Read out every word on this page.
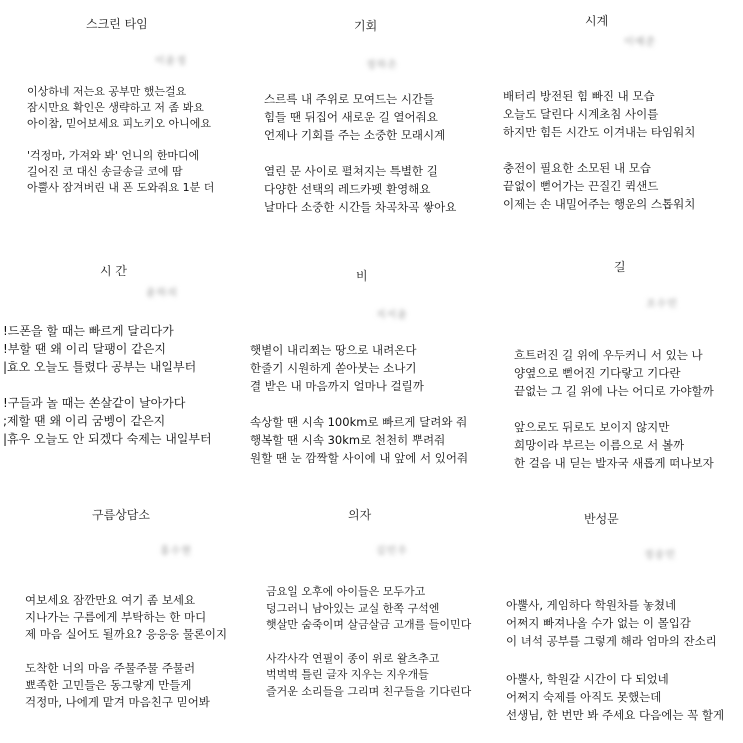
스크린 타임
이윤정
이상하네 저는요 공부만 했는걸요
잠시만요 확인은 생략하고 저 좀 봐요
아이참, 믿어보세요 피노키오 아니에요
'걱정마, 가져와 봐' 언니의 한마디에
길어진 코 대신 송글송글 코에 땀
아뿔사 잠겨버린 내 폰 도와줘요 1분 더
기회
정하은
스르륵 내 주위로 모여드는 시간들
힘들 땐 뒤집어 새로운 길 열어줘요
언제나 기회를 주는 소중한 모래시계
열린 문 사이로 펼쳐지는 특별한 길
다양한 선택의 레드카펫 환영해요
날마다 소중한 시간들 차곡차곡 쌓아요
시계
이예준
배터리 방전된 힘 빠진 내 모습
오늘도 달린다 시계초침 사이를
하지만 힘든 시간도 이겨내는 타임워치
충전이 필요한 소모된 내 모습
끝없이 뻗어가는 끈질긴 퀵샌드
이제는 손 내밀어주는 행운의 스톱워치
시 간
윤하의
!드폰을 할 때는 빠르게 달리다가
!부할 땐 왜 이리 달팽이 같은지
|효오 오늘도 틀렸다 공부는 내일부터
!구들과 놀 때는 쏜살같이 날아가다
;제할 땐 왜 이리 굼벵이 같은지
|휴우 오늘도 안 되겠다 숙제는 내일부터
비
지서윤
햇볕이 내리쬐는 땅으로 내려온다
한줄기 시원하게 쏟아붓는 소나기
결 받은 내 마음까지 얼마나 걸릴까
속상할 땐 시속 100km로 빠르게 달려와 줘
행복할 땐 시속 30km로 천천히 뿌려줘
원할 땐 눈 깜짝할 사이에 내 앞에 서 있어줘
길
조수민
흐트러진 길 위에 우두커니 서 있는 나
양옆으로 뻗어진 기다랗고 기다란
끝없는 그 길 위에 나는 어디로 가야할까
앞으로도 뒤로도 보이지 않지만
희망이라 부르는 이름으로 서 볼까
한 걸음 내 딛는 발자국 새롭게 떠나보자
구름상담소
홍수현
여보세요 잠깐만요 여기 좀 보세요
지나가는 구름에게 부탁하는 한 마디
제 마음 실어도 될까요? 응응응 물론이지
도착한 너의 마음 주물주물 주물러
뾰족한 고민들은 동그랗게 만들게
걱정마, 나에게 맡겨 마음친구 믿어봐
의자
김민우
금요일 오후에 아이들은 모두가고
덩그러니 남아있는 교실 한쪽 구석엔
햇살만 숨죽이며 살금살금 고개를 들이민다
사각사각 연필이 종이 위로 왈츠추고
벅벅벅 틀린 글자 지우는 지우개들
즐거운 소리들을 그리며 친구들을 기다린다
반성문
정송민
아뿔사, 게임하다 학원차를 놓쳤네
어쩌지 빠져나올 수가 없는 이 몰입감
이 녀석 공부를 그렇게 해라 엄마의 잔소리
아뿔사, 학원갈 시간이 다 되었네
어쩌지 숙제를 아직도 못했는데
선생님, 한 번만 봐 주세요 다음에는 꼭 할게
